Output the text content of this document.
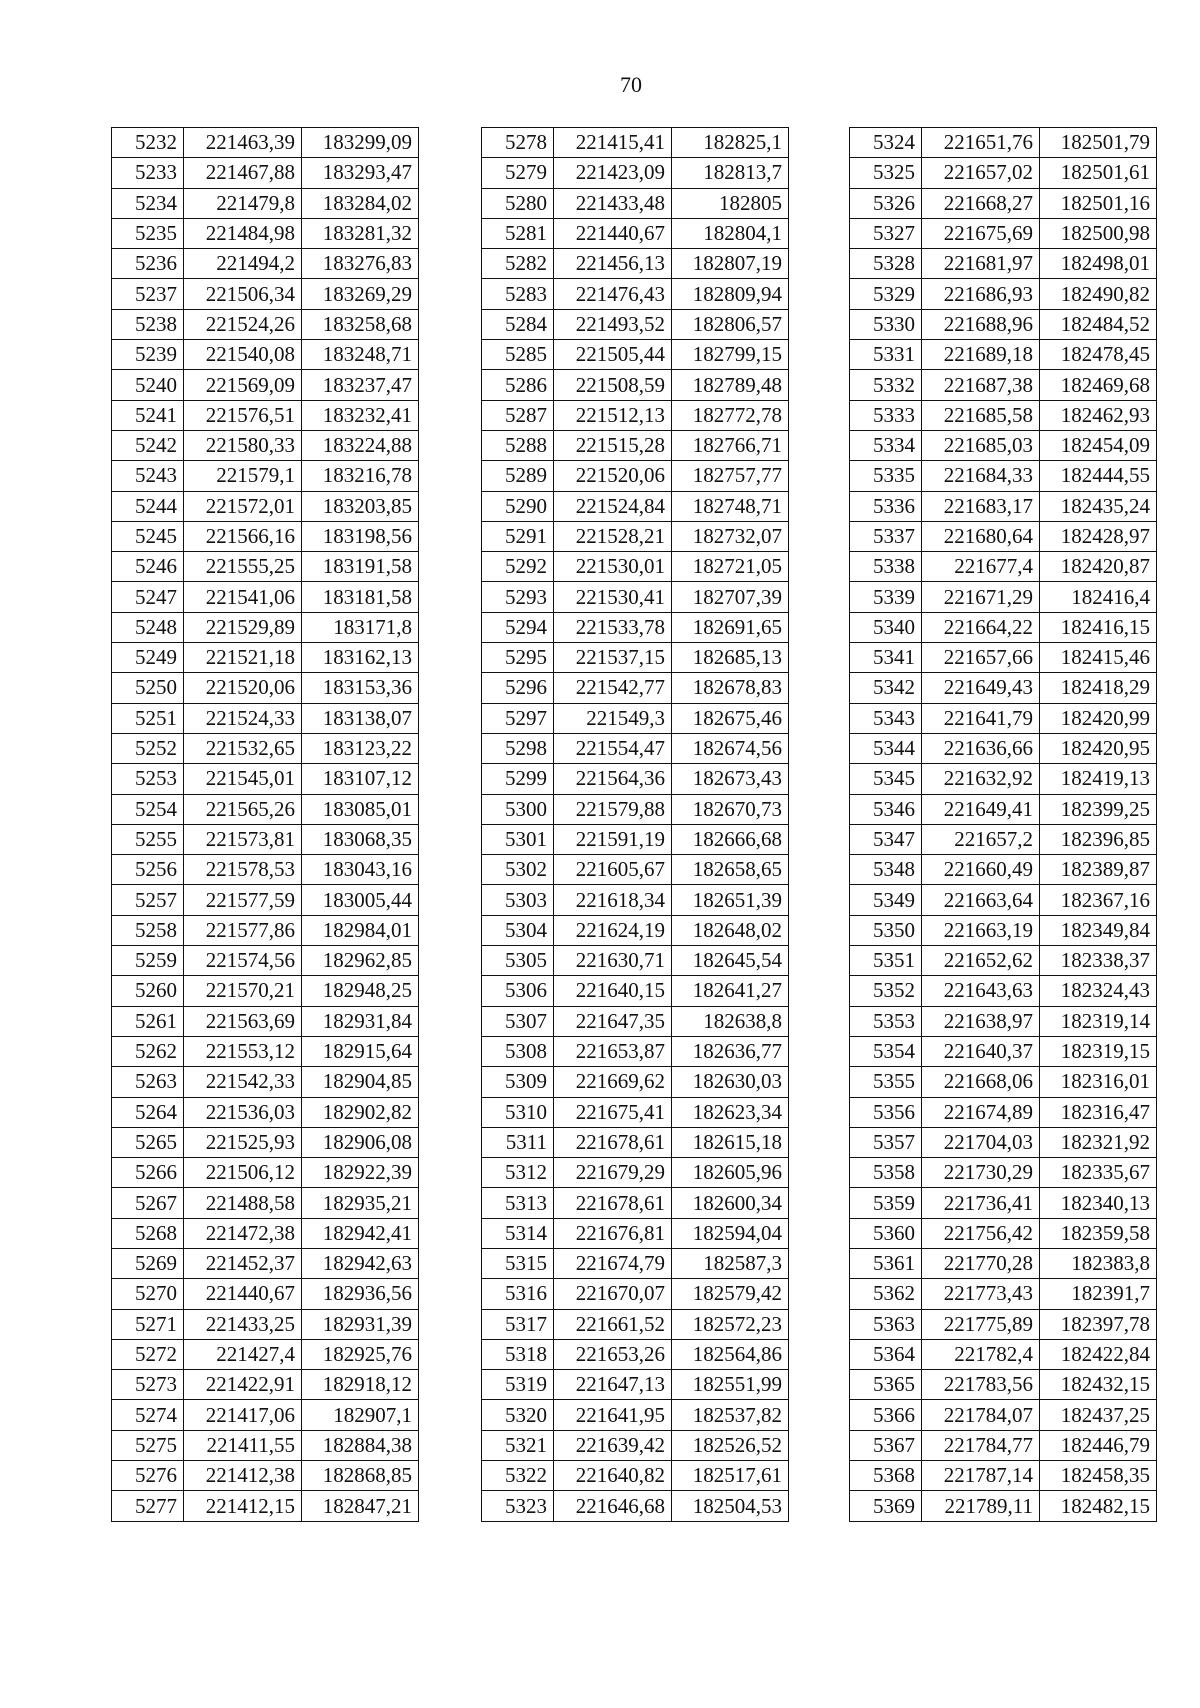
70
5232	221463,39	183299,09
5233	221467,88	183293,47
5234	221479,8	183284,02
5235	221484,98	183281,32
5236	221494,2	183276,83
5237	221506,34	183269,29
5238	221524,26	183258,68
5239	221540,08	183248,71
5240	221569,09	183237,47
5241	221576,51	183232,41
5242	221580,33	183224,88
5243	221579,1	183216,78
5244	221572,01	183203,85
5245	221566,16	183198,56
5246	221555,25	183191,58
5247	221541,06	183181,58
5248	221529,89	183171,8
5249	221521,18	183162,13
5250	221520,06	183153,36
5251	221524,33	183138,07
5252	221532,65	183123,22
5253	221545,01	183107,12
5254	221565,26	183085,01
5255	221573,81	183068,35
5256	221578,53	183043,16
5257	221577,59	183005,44
5258	221577,86	182984,01
5259	221574,56	182962,85
5260	221570,21	182948,25
5261	221563,69	182931,84
5262	221553,12	182915,64
5263	221542,33	182904,85
5264	221536,03	182902,82
5265	221525,93	182906,08
5266	221506,12	182922,39
5267	221488,58	182935,21
5268	221472,38	182942,41
5269	221452,37	182942,63
5270	221440,67	182936,56
5271	221433,25	182931,39
5272	221427,4	182925,76
5273	221422,91	182918,12
5274	221417,06	182907,1
5275	221411,55	182884,38
5276	221412,38	182868,85
5277	221412,15	182847,21
5278	221415,41	182825,1
5279	221423,09	182813,7
5280	221433,48	182805
5281	221440,67	182804,1
5282	221456,13	182807,19
5283	221476,43	182809,94
5284	221493,52	182806,57
5285	221505,44	182799,15
5286	221508,59	182789,48
5287	221512,13	182772,78
5288	221515,28	182766,71
5289	221520,06	182757,77
5290	221524,84	182748,71
5291	221528,21	182732,07
5292	221530,01	182721,05
5293	221530,41	182707,39
5294	221533,78	182691,65
5295	221537,15	182685,13
5296	221542,77	182678,83
5297	221549,3	182675,46
5298	221554,47	182674,56
5299	221564,36	182673,43
5300	221579,88	182670,73
5301	221591,19	182666,68
5302	221605,67	182658,65
5303	221618,34	182651,39
5304	221624,19	182648,02
5305	221630,71	182645,54
5306	221640,15	182641,27
5307	221647,35	182638,8
5308	221653,87	182636,77
5309	221669,62	182630,03
5310	221675,41	182623,34
5311	221678,61	182615,18
5312	221679,29	182605,96
5313	221678,61	182600,34
5314	221676,81	182594,04
5315	221674,79	182587,3
5316	221670,07	182579,42
5317	221661,52	182572,23
5318	221653,26	182564,86
5319	221647,13	182551,99
5320	221641,95	182537,82
5321	221639,42	182526,52
5322	221640,82	182517,61
5323	221646,68	182504,53
5324	221651,76	182501,79
5325	221657,02	182501,61
5326	221668,27	182501,16
5327	221675,69	182500,98
5328	221681,97	182498,01
5329	221686,93	182490,82
5330	221688,96	182484,52
5331	221689,18	182478,45
5332	221687,38	182469,68
5333	221685,58	182462,93
5334	221685,03	182454,09
5335	221684,33	182444,55
5336	221683,17	182435,24
5337	221680,64	182428,97
5338	221677,4	182420,87
5339	221671,29	182416,4
5340	221664,22	182416,15
5341	221657,66	182415,46
5342	221649,43	182418,29
5343	221641,79	182420,99
5344	221636,66	182420,95
5345	221632,92	182419,13
5346	221649,41	182399,25
5347	221657,2	182396,85
5348	221660,49	182389,87
5349	221663,64	182367,16
5350	221663,19	182349,84
5351	221652,62	182338,37
5352	221643,63	182324,43
5353	221638,97	182319,14
5354	221640,37	182319,15
5355	221668,06	182316,01
5356	221674,89	182316,47
5357	221704,03	182321,92
5358	221730,29	182335,67
5359	221736,41	182340,13
5360	221756,42	182359,58
5361	221770,28	182383,8
5362	221773,43	182391,7
5363	221775,89	182397,78
5364	221782,4	182422,84
5365	221783,56	182432,15
5366	221784,07	182437,25
5367	221784,77	182446,79
5368	221787,14	182458,35
5369	221789,11	182482,15
